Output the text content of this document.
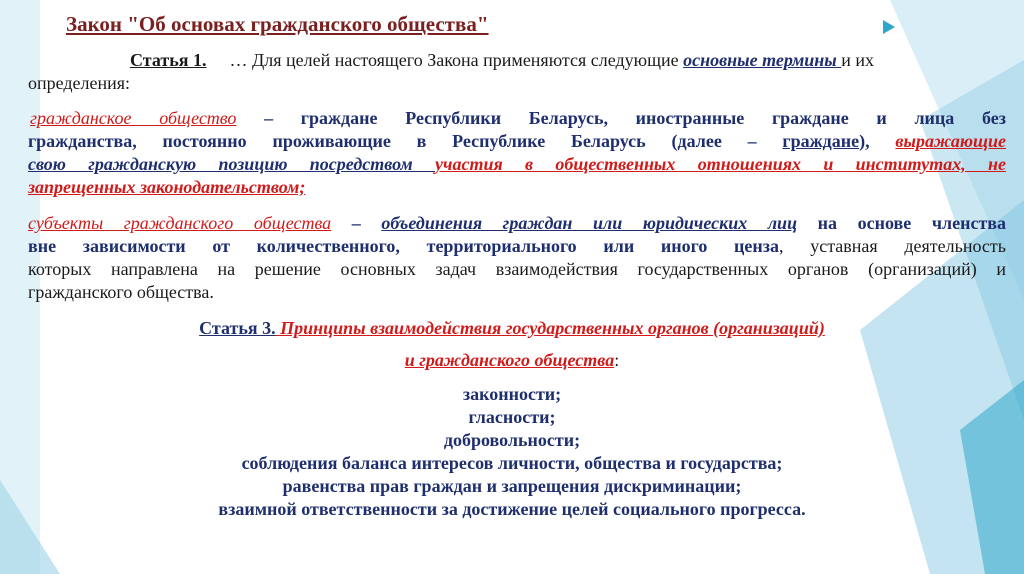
Закон "Об основах гражданского общества"
Статья 1. … Для целей настоящего Закона применяются следующие основные термины и их
определения:
гражданское общество – граждане Республики Беларусь, иностранные граждане и лица без
гражданства, постоянно проживающие в Республике Беларусь (далее – граждане), выражающие
свою гражданскую позицию посредством участия в общественных отношениях и институтах, не
запрещенных законодательством;
субъекты гражданского общества – объединения граждан или юридических лиц на основе членства
вне зависимости от количественного, территориального или иного ценза, уставная деятельность
которых направлена на решение основных задач взаимодействия государственных органов (организаций) и
гражданского общества.
Статья 3. Принципы взаимодействия государственных органов (организаций)
и гражданского общества:
законности;
гласности;
добровольности;
соблюдения баланса интересов личности, общества и государства;
равенства прав граждан и запрещения дискриминации;
взаимной ответственности за достижение целей социального прогресса.
